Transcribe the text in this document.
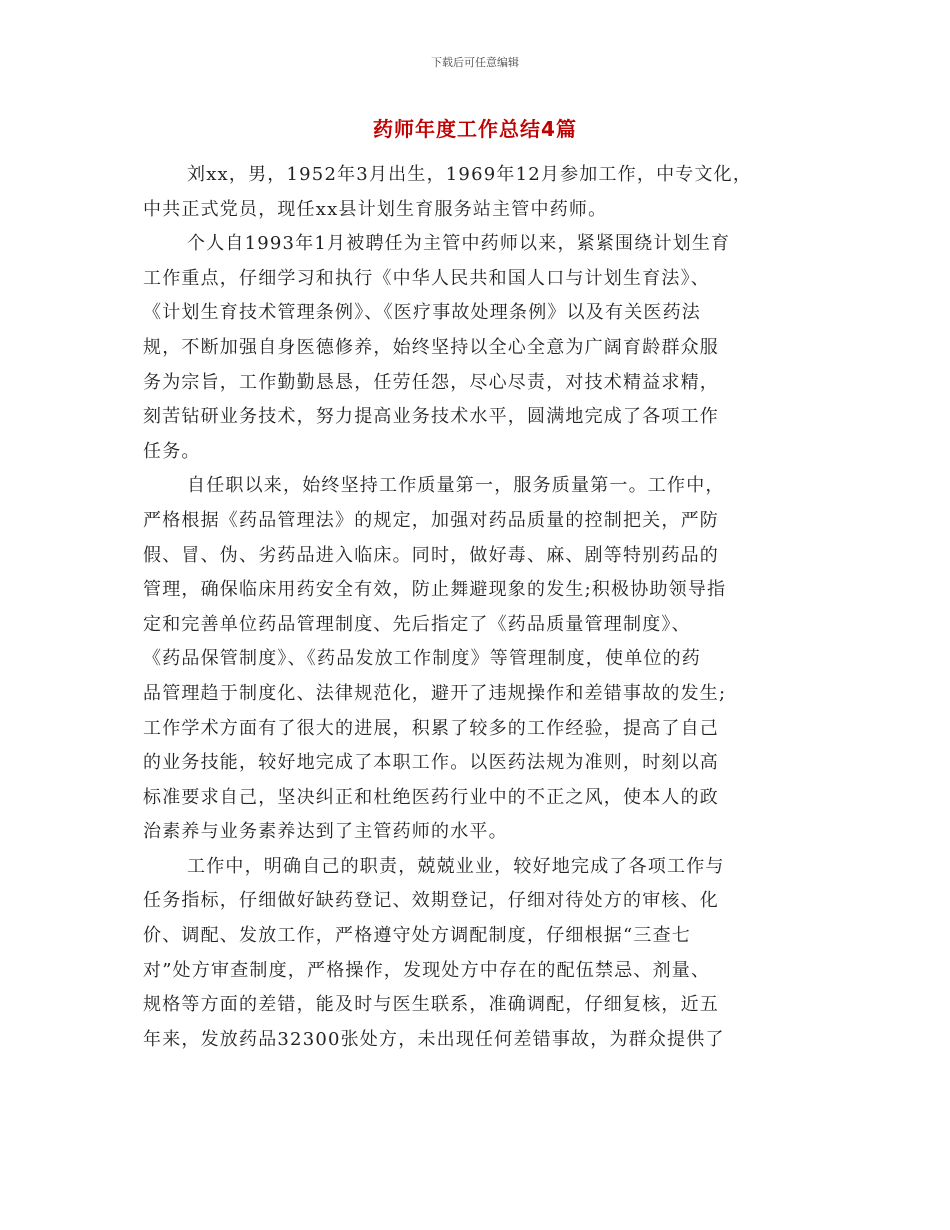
下载后可任意编辑
药师年度工作总结4篇
刘xx，男，1952年3月出生，1969年12月参加工作，中专文化，
中共正式党员，现任xx县计划生育服务站主管中药师。
个人自1993年1月被聘任为主管中药师以来，紧紧围绕计划生育
工作重点，仔细学习和执行《中华人民共和国人口与计划生育法》、
《计划生育技术管理条例》、《医疗事故处理条例》以及有关医药法
规，不断加强自身医德修养，始终坚持以全心全意为广阔育龄群众服
务为宗旨，工作勤勤恳恳，任劳任怨，尽心尽责，对技术精益求精，
刻苦钻研业务技术，努力提高业务技术水平，圆满地完成了各项工作
任务。
自任职以来，始终坚持工作质量第一，服务质量第一。工作中，
严格根据《药品管理法》的规定，加强对药品质量的控制把关，严防
假、冒、伪、劣药品进入临床。同时，做好毒、麻、剧等特别药品的
管理，确保临床用药安全有效，防止舞避现象的发生;积极协助领导指
定和完善单位药品管理制度、先后指定了《药品质量管理制度》、
《药品保管制度》、《药品发放工作制度》等管理制度，使单位的药
品管理趋于制度化、法律规范化，避开了违规操作和差错事故的发生;
工作学术方面有了很大的进展，积累了较多的工作经验，提高了自己
的业务技能，较好地完成了本职工作。以医药法规为准则，时刻以高
标准要求自己，坚决纠正和杜绝医药行业中的不正之风，使本人的政
治素养与业务素养达到了主管药师的水平。
工作中，明确自己的职责，兢兢业业，较好地完成了各项工作与
任务指标，仔细做好缺药登记、效期登记，仔细对待处方的审核、化
价、调配、发放工作，严格遵守处方调配制度，仔细根据“三查七
对”处方审查制度，严格操作，发现处方中存在的配伍禁忌、剂量、
规格等方面的差错，能及时与医生联系，准确调配，仔细复核，近五
年来，发放药品32300张处方，未出现任何差错事故，为群众提供了
